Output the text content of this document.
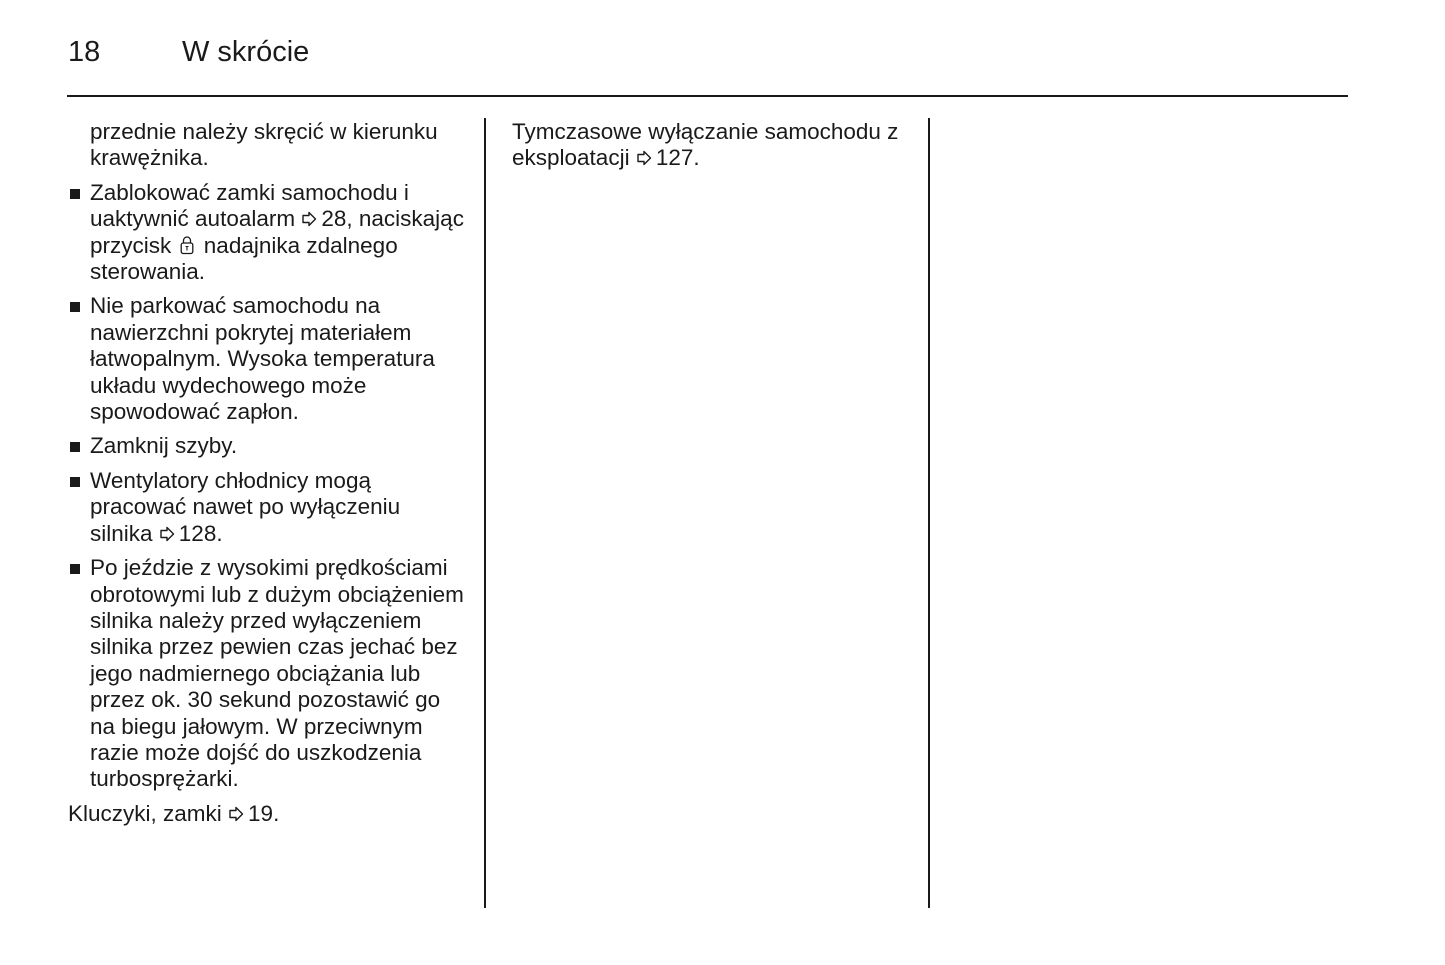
18	W skrócie

przednie należy skręcić w kierunku krawężnika.

Zablokować zamki samochodu i uaktywnić autoalarm 28, naciskając przycisk nadajnika zdalnego sterowania.
Nie parkować samochodu na nawierzchni pokrytej materiałem łatwopalnym. Wysoka temperatura układu wydechowego może spowodować zapłon.
Zamknij szyby.
Wentylatory chłodnicy mogą pracować nawet po wyłączeniu silnika 128.
Po jeździe z wysokimi prędkościami obrotowymi lub z dużym obciążeniem silnika należy przed wyłączeniem silnika przez pewien czas jechać bez jego nadmiernego obciążania lub przez ok. 30 sekund pozostawić go na biegu jałowym. W przeciwnym razie może dojść do uszkodzenia turbosprężarki.

Kluczyki, zamki 19.

Tymczasowe wyłączanie samochodu z eksploatacji 127.
